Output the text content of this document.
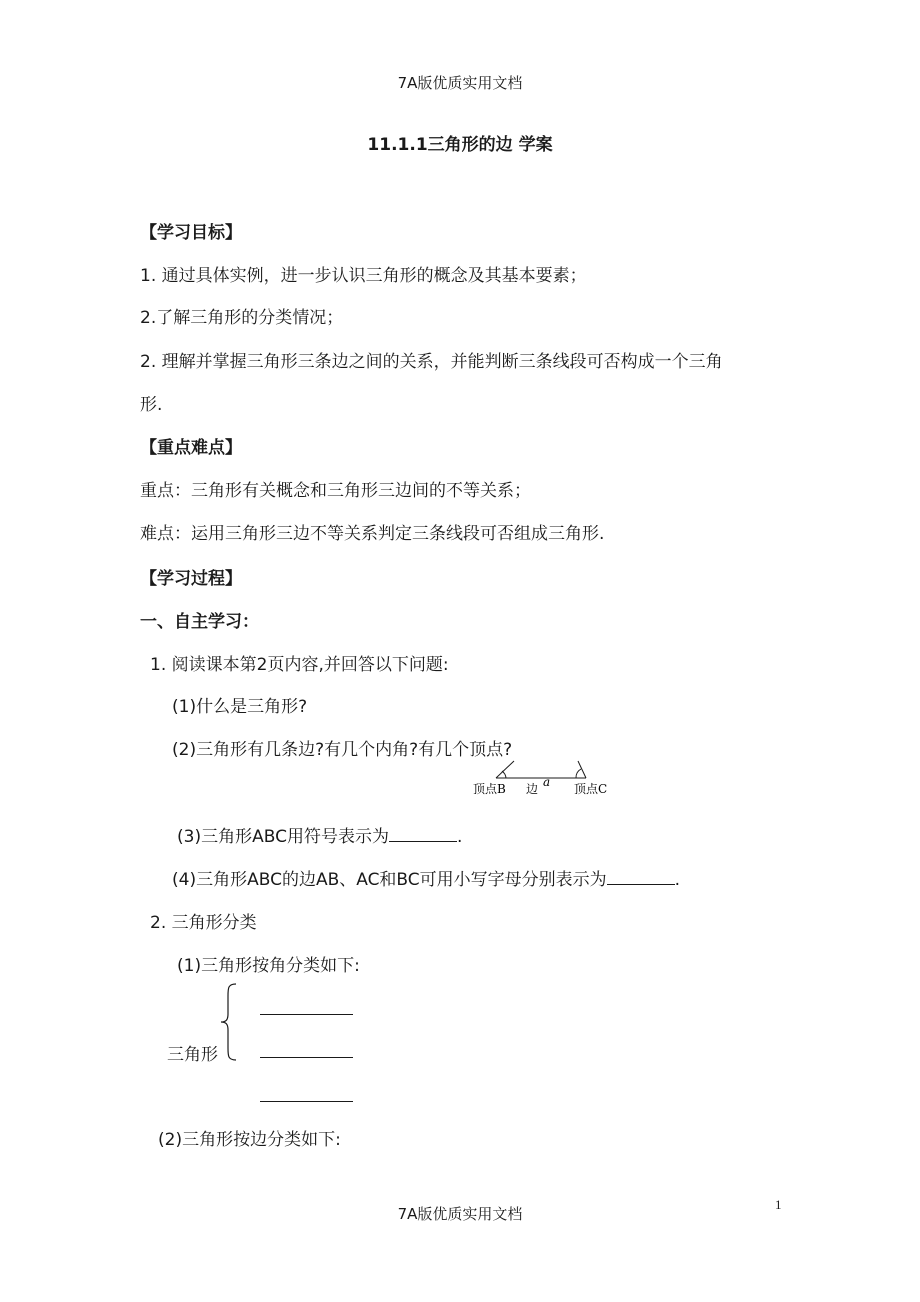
7A版优质实用文档
11.1.1三角形的边 学案
【学习目标】
1. 通过具体实例，进一步认识三角形的概念及其基本要素；
2.了解三角形的分类情况；
2. 理解并掌握三角形三条边之间的关系，并能判断三条线段可否构成一个三角
形.
【重点难点】
重点：三角形有关概念和三角形三边间的不等关系；
难点：运用三角形三边不等关系判定三条线段可否组成三角形.
【学习过程】
一、自主学习：
1. 阅读课本第2页内容,并回答以下问题:
(1)什么是三角形?
(2)三角形有几条边?有几个内角?有几个顶点?
顶点B 边 a 顶点C
(3)三角形ABC用符号表示为	.
(4)三角形ABC的边AB、AC和BC可用小写字母分别表示为	.
2. 三角形分类
(1)三角形按角分类如下:
三角形
(2)三角形按边分类如下:
1
7A版优质实用文档
